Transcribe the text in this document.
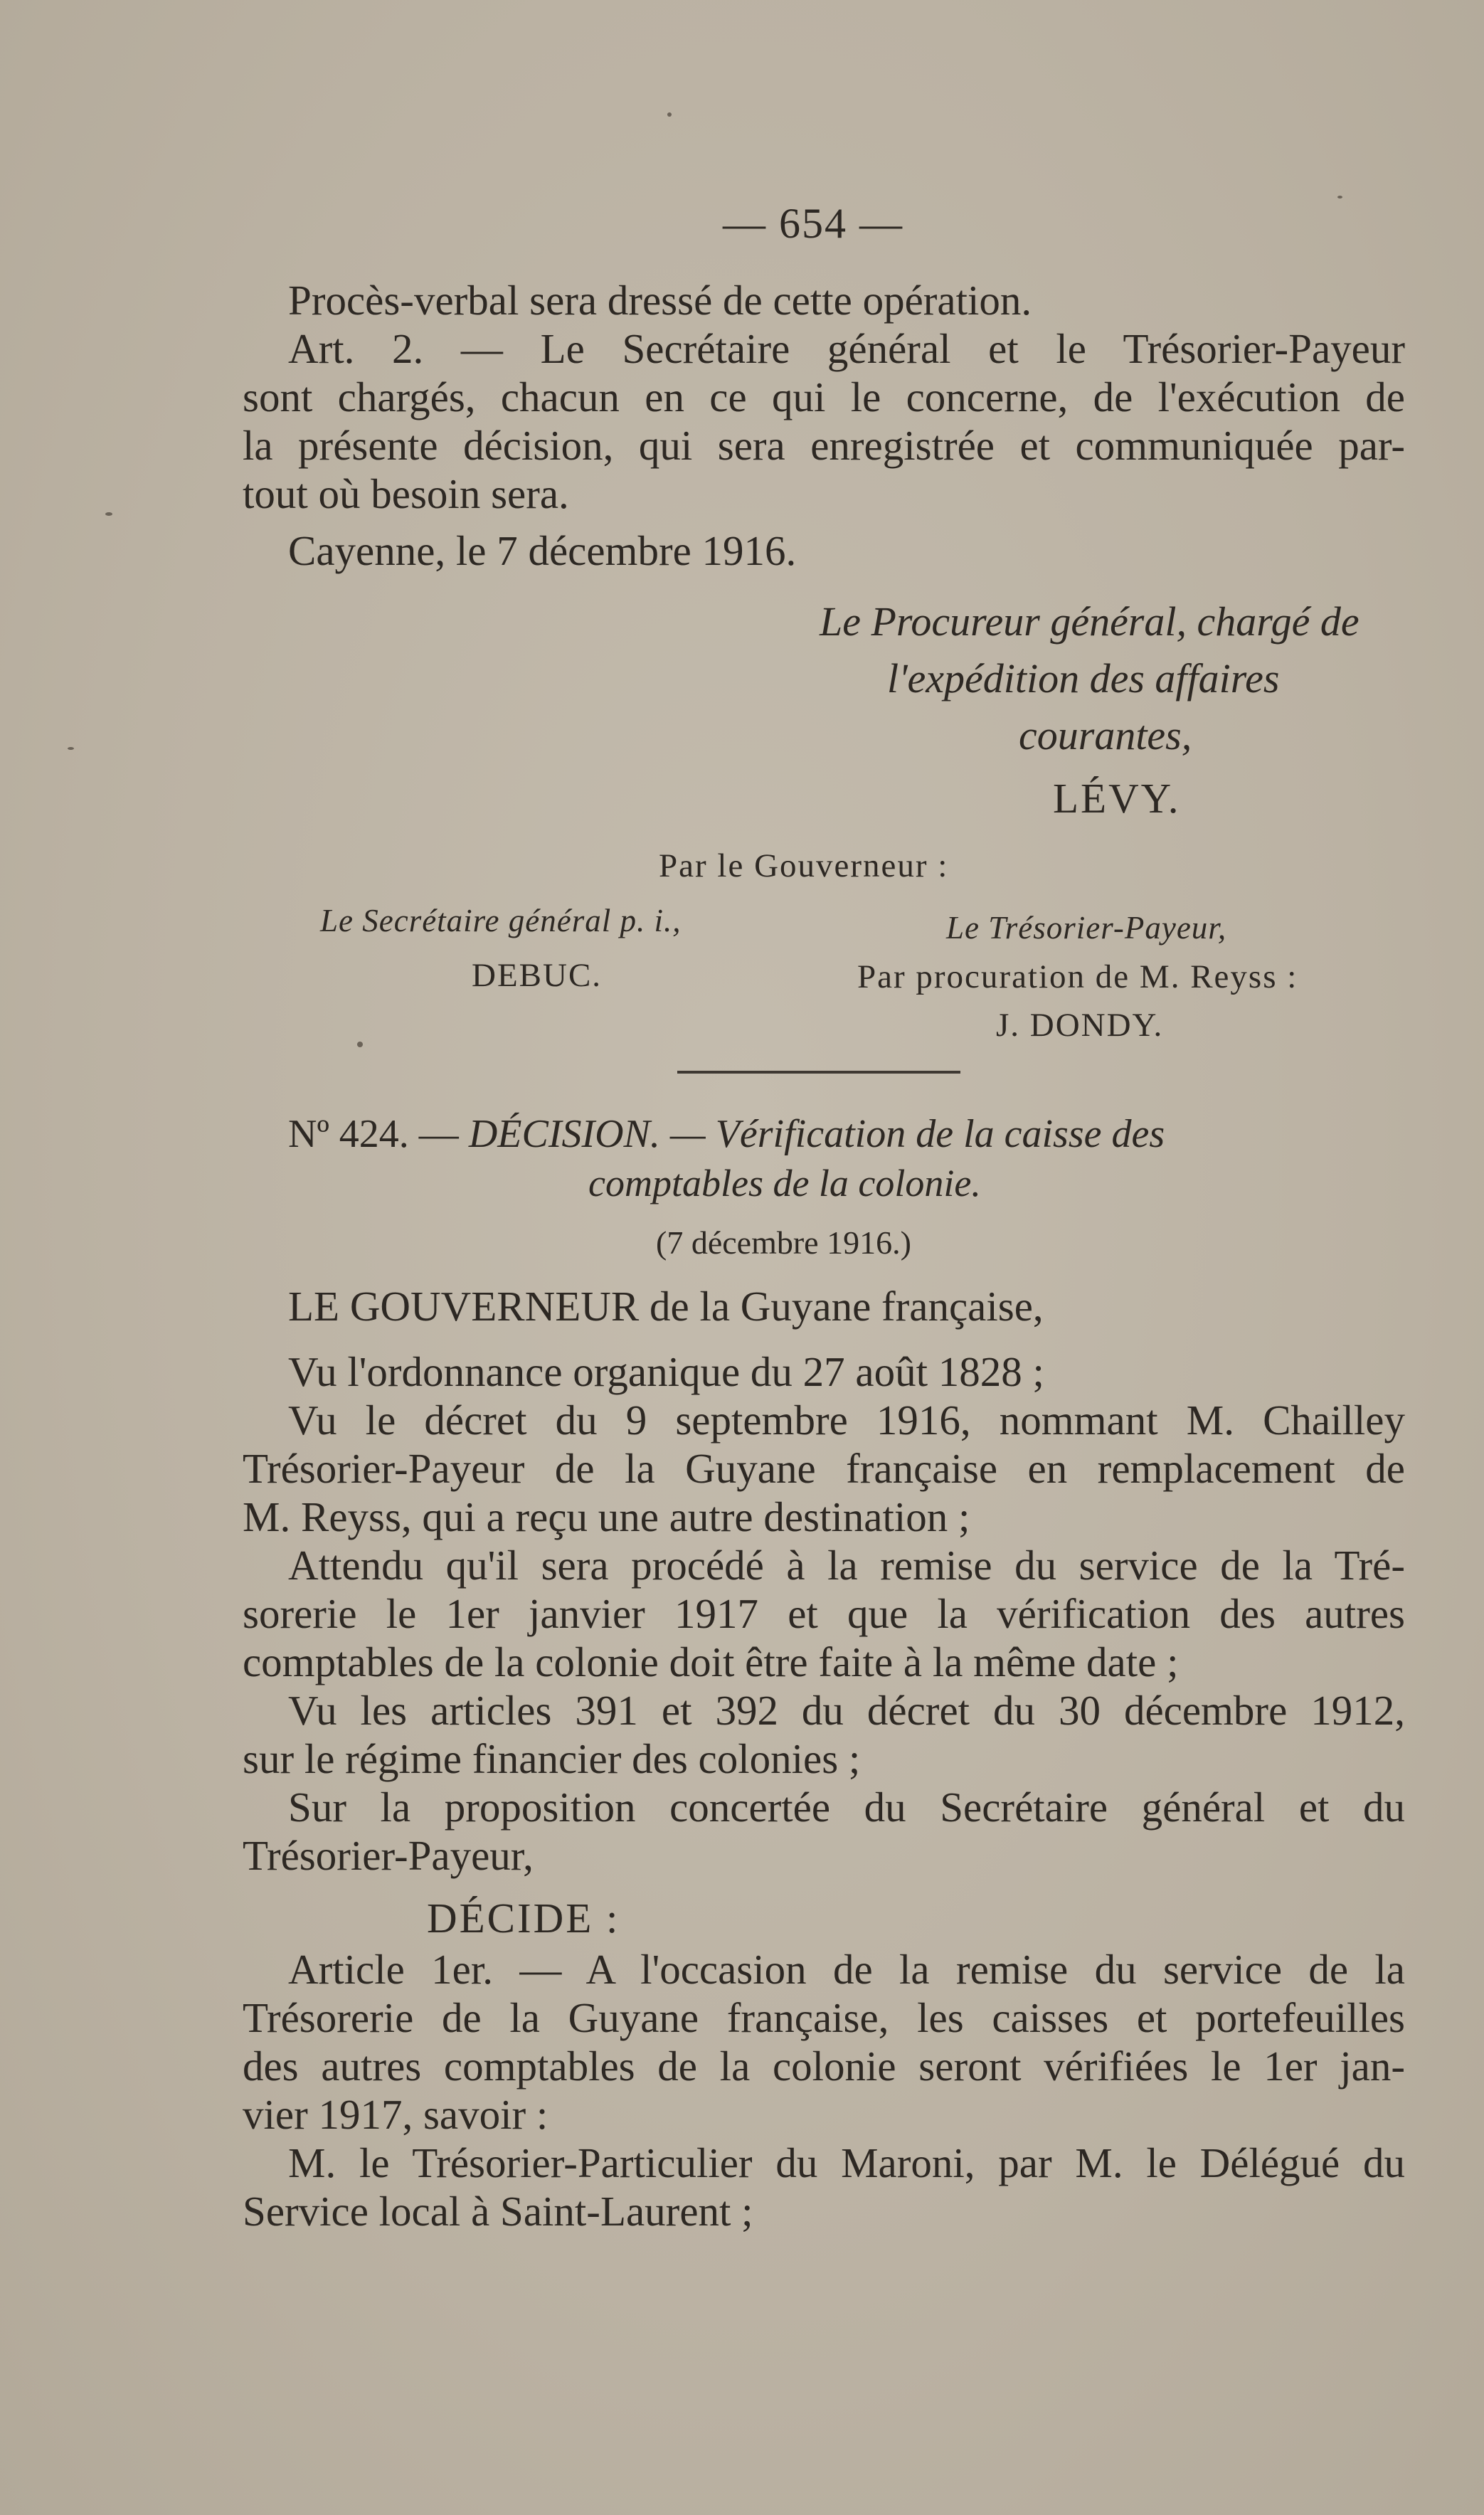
— 654 —
Procès-verbal sera dressé de cette opération.
Art. 2. — Le Secrétaire général et le Trésorier-Payeur
sont chargés, chacun en ce qui le concerne, de l'exécution de
la présente décision, qui sera enregistrée et communiquée par-
tout où besoin sera.
Cayenne, le 7 décembre 1916.
Le Procureur général, chargé de
l'expédition des affaires
courantes,
LÉVY.
Par le Gouverneur :
Le Secrétaire général p. i.,
DEBUC.
Le Trésorier-Payeur,
Par procuration de M. Reyss :
J. DONDY.
Nº 424. — DÉCISION. — Vérification de la caisse des
comptables de la colonie.
(7 décembre 1916.)
LE GOUVERNEUR de la Guyane française,
Vu l'ordonnance organique du 27 août 1828 ;
Vu le décret du 9 septembre 1916, nommant M. Chailley
Trésorier-Payeur de la Guyane française en remplacement de
M. Reyss, qui a reçu une autre destination ;
Attendu qu'il sera procédé à la remise du service de la Tré-
sorerie le 1er janvier 1917 et que la vérification des autres
comptables de la colonie doit être faite à la même date ;
Vu les articles 391 et 392 du décret du 30 décembre 1912,
sur le régime financier des colonies ;
Sur la proposition concertée du Secrétaire général et du
Trésorier-Payeur,
DÉCIDE :
Article 1er. — A l'occasion de la remise du service de la
Trésorerie de la Guyane française, les caisses et portefeuilles
des autres comptables de la colonie seront vérifiées le 1er jan-
vier 1917, savoir :
M. le Trésorier-Particulier du Maroni, par M. le Délégué du
Service local à Saint-Laurent ;
